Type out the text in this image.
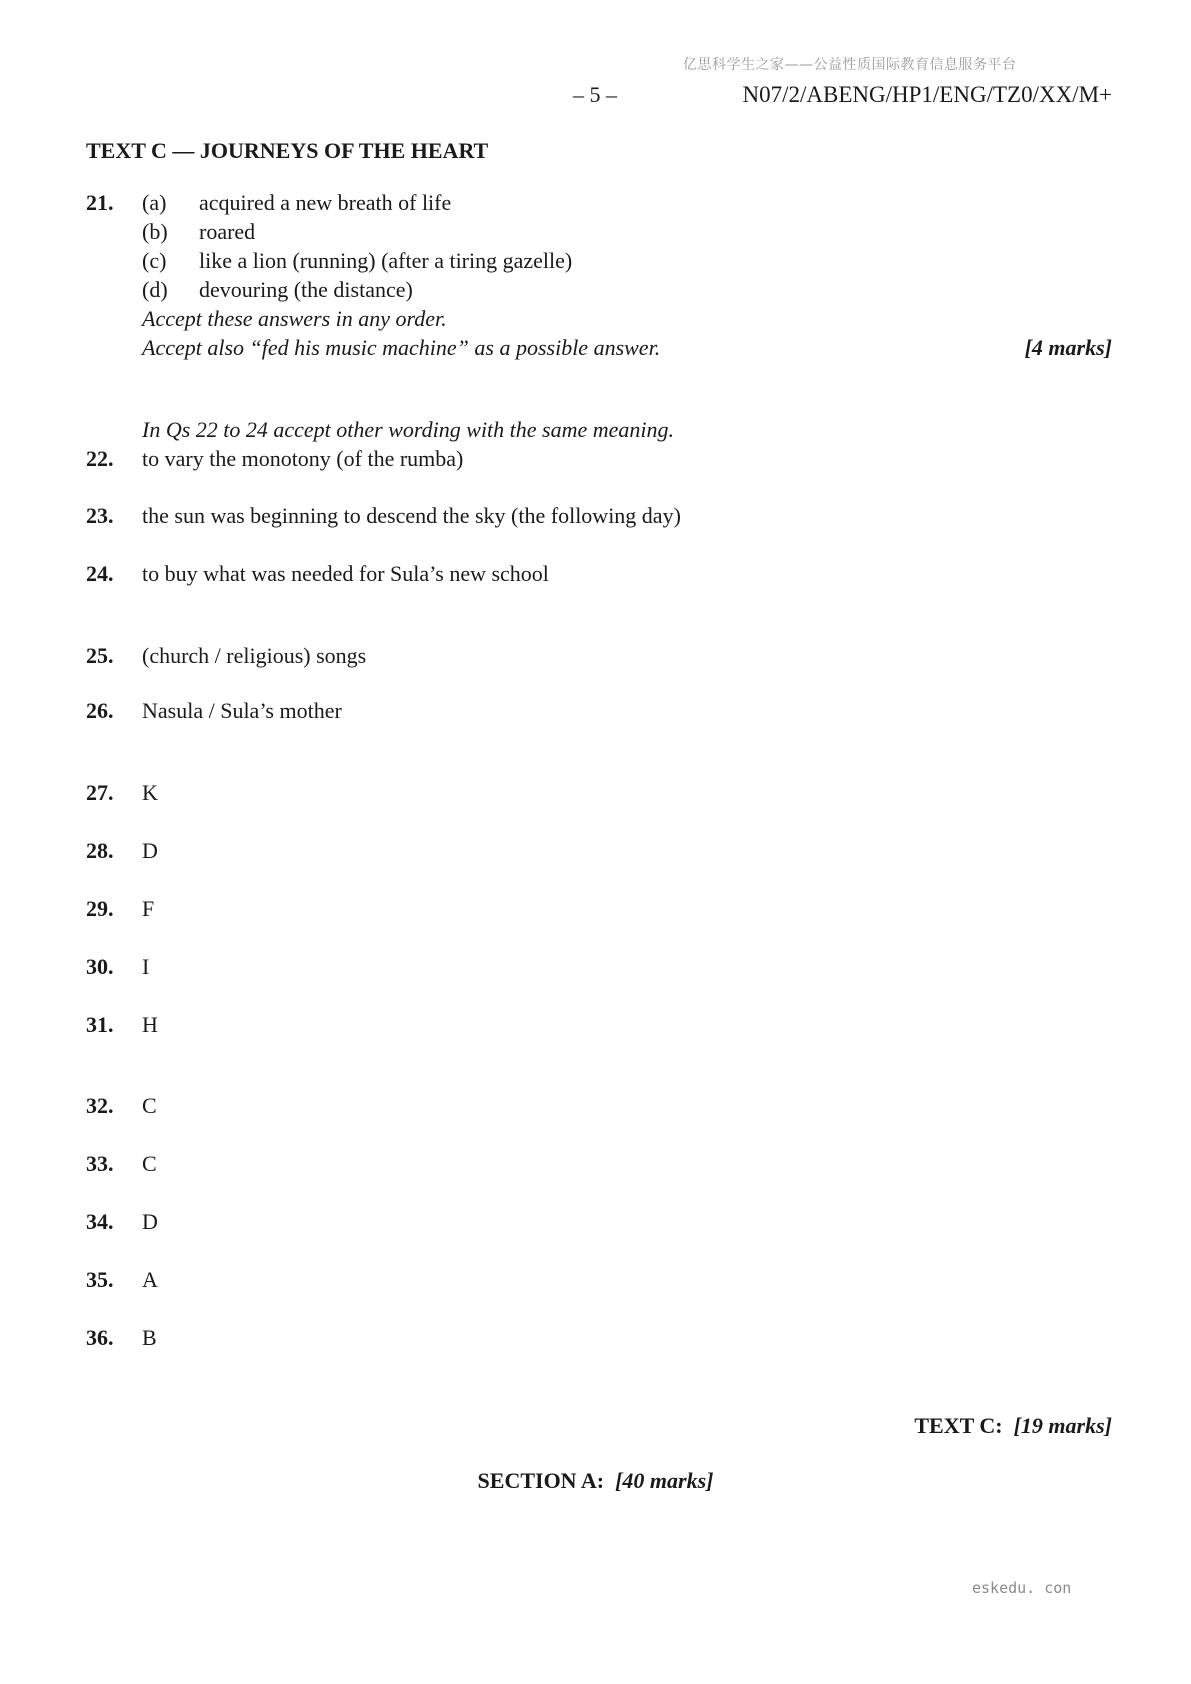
亿思科学生之家——公益性质国际教育信息服务平台
– 5 –	N07/2/ABENG/HP1/ENG/TZ0/XX/M+
TEXT C — JOURNEYS OF THE HEART
21. (a) acquired a new breath of life
(b) roared
(c) like a lion (running) (after a tiring gazelle)
(d) devouring (the distance)
Accept these answers in any order.
Accept also “fed his music machine” as a possible answer.	[4 marks]
In Qs 22 to 24 accept other wording with the same meaning.
22. to vary the monotony (of the rumba)
23. the sun was beginning to descend the sky (the following day)
24. to buy what was needed for Sula’s new school
25. (church / religious) songs
26. Nasula / Sula’s mother
27. K
28. D
29. F
30. I
31. H
32. C
33. C
34. D
35. A
36. B
TEXT C: [19 marks]
SECTION A: [40 marks]
eskedu. con
